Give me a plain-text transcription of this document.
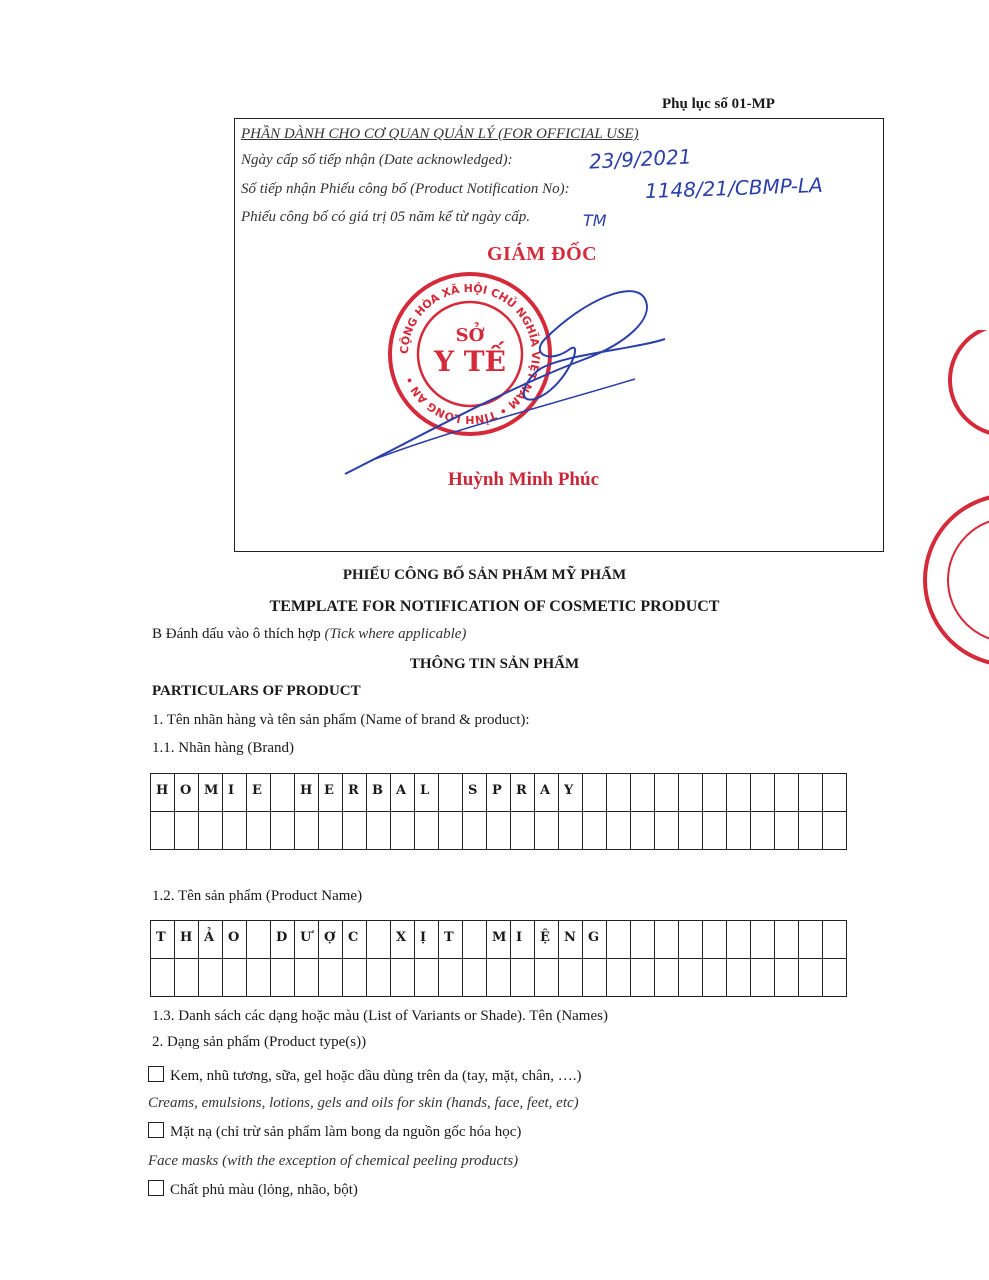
Phụ lục số 01-MP
PHẦN DÀNH CHO CƠ QUAN QUẢN LÝ (FOR OFFICIAL USE)
Ngày cấp số tiếp nhận (Date acknowledged):	23/9/2021
Số tiếp nhận Phiếu công bố (Product Notification No):	1148/21/CBMP-LA
Phiếu công bố có giá trị 05 năm kể từ ngày cấp.	TM
GIÁM ĐỐC
CỘNG HÒA XÃ HỘI CHỦ NGHĨA VIỆT NAM • TỈNH LONG AN •
SỞ
Y TẾ
Huỳnh Minh Phúc
PHIẾU CÔNG BỐ SẢN PHẨM MỸ PHẨM
TEMPLATE FOR NOTIFICATION OF COSMETIC PRODUCT
B Đánh dấu vào ô thích hợp (Tick where applicable)
THÔNG TIN SẢN PHẨM
PARTICULARS OF PRODUCT
1. Tên nhãn hàng và tên sản phẩm (Name of brand & product):
1.1. Nhãn hàng (Brand)
H	O	M	I	E		H	E	R	B	A	L		S	P	R	A	Y											

1.2. Tên sản phẩm (Product Name)
T	H	Ả	O		D	Ư	Ợ	C		X	Ị	T		M	I	Ệ	N	G										

1.3. Danh sách các dạng hoặc màu (List of Variants or Shade). Tên (Names)
2. Dạng sản phẩm (Product type(s))
Kem, nhũ tương, sữa, gel hoặc dầu dùng trên da (tay, mặt, chân, ….)
Creams, emulsions, lotions, gels and oils for skin (hands, face, feet, etc)
Mặt nạ (chỉ trừ sản phẩm làm bong da nguồn gốc hóa học)
Face masks (with the exception of chemical peeling products)
Chất phủ màu (lỏng, nhão, bột)
